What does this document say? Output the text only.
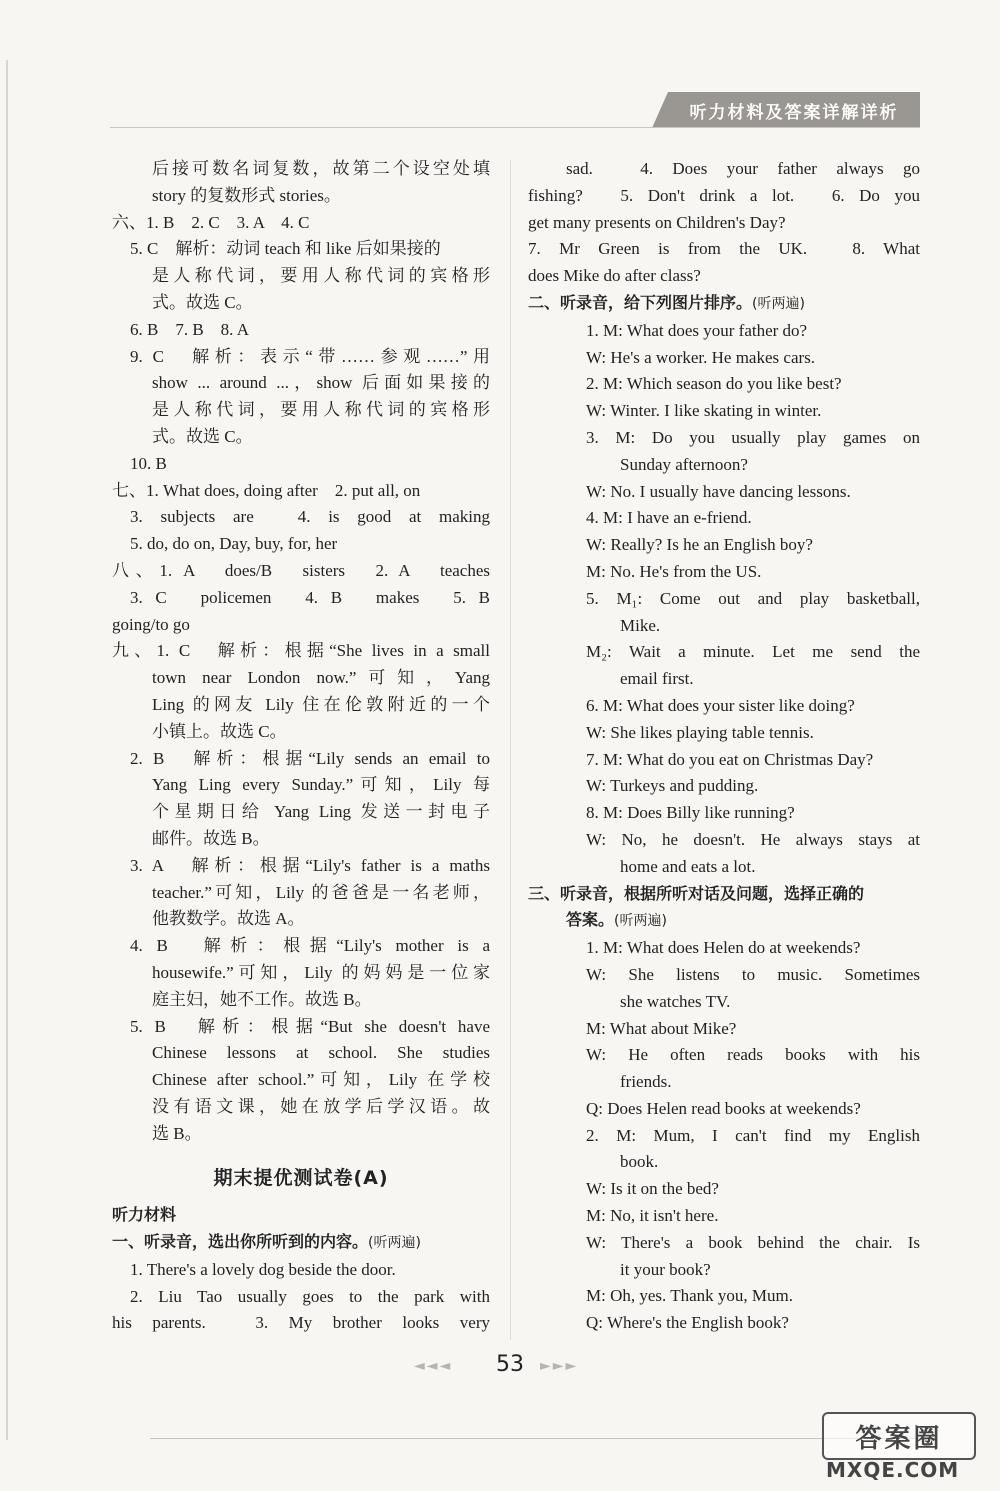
听力材料及答案详解详析
后接可数名词复数，故第二个设空处填
story 的复数形式 stories。
六、1. B　2. C　3. A　4. C
5. C　解析：动词 teach 和 like 后如果接的
是人称代词，要用人称代词的宾格形
式。故选 C。
6. B　7. B　8. A
9. C　解析：表示“带……参观……”用
show ... around ...，show 后面如果接的
是人称代词，要用人称代词的宾格形
式。故选 C。
10. B
七、1. What does, doing after　2. put all, on
3. subjects are　4. is good at making
5. do, do on, Day, buy, for, her
八、1. A　does/B　sisters　2. A　teaches
3. C　policemen　4. B　makes　5. B
going/to go
九、1. C　解析：根据“She lives in a small
town near London now.”可知，Yang
Ling 的网友 Lily 住在伦敦附近的一个
小镇上。故选 C。
2. B　解析：根据“Lily sends an email to
Yang Ling every Sunday.”可知，Lily 每
个星期日给 Yang Ling 发送一封电子
邮件。故选 B。
3. A　解析：根据“Lily's father is a maths
teacher.”可知，Lily 的爸爸是一名老师，
他教数学。故选 A。
4. B　解析：根据“Lily's mother is a
housewife.”可知，Lily 的妈妈是一位家
庭主妇，她不工作。故选 B。
5. B　解析：根据“But she doesn't have
Chinese lessons at school. She studies
Chinese after school.”可知，Lily 在学校
没有语文课，她在放学后学汉语。故
选 B。
期末提优测试卷(A)
听力材料
一、听录音，选出你所听到的内容。(听两遍)
1. There's a lovely dog beside the door.
2. Liu Tao usually goes to the park with
his parents.　3. My brother looks very
sad.　4. Does your father always go
fishing?　5. Don't drink a lot.　6. Do you
get many presents on Children's Day?
7. Mr Green is from the UK.　8. What
does Mike do after class?
二、听录音，给下列图片排序。(听两遍)
1. M: What does your father do?
W: He's a worker. He makes cars.
2. M: Which season do you like best?
W: Winter. I like skating in winter.
3. M: Do you usually play games on
Sunday afternoon?
W: No. I usually have dancing lessons.
4. M: I have an e-friend.
W: Really? Is he an English boy?
M: No. He's from the US.
5. M₁: Come out and play basketball,
Mike.
M₂: Wait a minute. Let me send the
email first.
6. M: What does your sister like doing?
W: She likes playing table tennis.
7. M: What do you eat on Christmas Day?
W: Turkeys and pudding.
8. M: Does Billy like running?
W: No, he doesn't. He always stays at
home and eats a lot.
三、听录音，根据所听对话及问题，选择正确的
答案。(听两遍)
1. M: What does Helen do at weekends?
W: She listens to music. Sometimes
she watches TV.
M: What about Mike?
W: He often reads books with his
friends.
Q: Does Helen read books at weekends?
2. M: Mum, I can't find my English
book.
W: Is it on the bed?
M: No, it isn't here.
W: There's a book behind the chair. Is
it your book?
M: Oh, yes. Thank you, Mum.
Q: Where's the English book?
◄◄◄	53	►►►
答案圈
MXQE.COM
